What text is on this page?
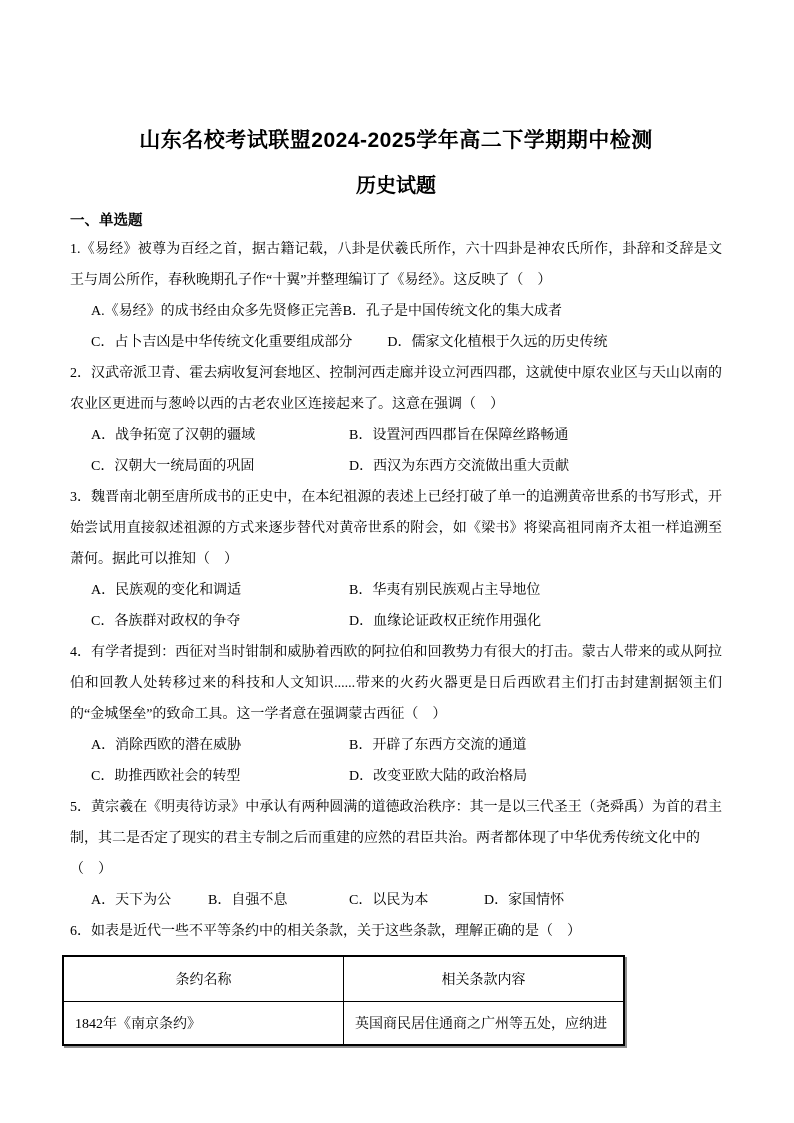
山东名校考试联盟2024-2025学年高二下学期期中检测
历史试题
一、单选题

1.《易经》被尊为百经之首，据古籍记载，八卦是伏羲氏所作，六十四卦是神农氏所作，卦辞和爻辞是文王与周公所作，春秋晚期孔子作“十翼”并整理编订了《易经》。这反映了（　）

A.《易经》的成书经由众多先贤修正完善B．孔子是中国传统文化的集大成者
C．占卜吉凶是中华传统文化重要组成部分	D．儒家文化植根于久远的历史传统

2．汉武帝派卫青、霍去病收复河套地区、控制河西走廊并设立河西四郡，这就使中原农业区与天山以南的农业区更进而与葱岭以西的古老农业区连接起来了。这意在强调（　）

A．战争拓宽了汉朝的疆域	B．设置河西四郡旨在保障丝路畅通
C．汉朝大一统局面的巩固	D．西汉为东西方交流做出重大贡献

3．魏晋南北朝至唐所成书的正史中，在本纪祖源的表述上已经打破了单一的追溯黄帝世系的书写形式，开始尝试用直接叙述祖源的方式来逐步替代对黄帝世系的附会，如《梁书》将梁高祖同南齐太祖一样追溯至萧何。据此可以推知（　）

A．民族观的变化和调适	B．华夷有别民族观占主导地位
C．各族群对政权的争夺	D．血缘论证政权正统作用强化

4．有学者提到：西征对当时钳制和威胁着西欧的阿拉伯和回教势力有很大的打击。蒙古人带来的或从阿拉伯和回教人处转移过来的科技和人文知识......带来的火药火器更是日后西欧君主们打击封建割据领主们的“金城堡垒”的致命工具。这一学者意在强调蒙古西征（　）

A．消除西欧的潜在威胁	B．开辟了东西方交流的通道
C．助推西欧社会的转型	D．改变亚欧大陆的政治格局

5．黄宗羲在《明夷待访录》中承认有两种圆满的道德政治秩序：其一是以三代圣王（尧舜禹）为首的君主制，其二是否定了现实的君主专制之后而重建的应然的君臣共治。两者都体现了中华优秀传统文化中的

（　）
A．天下为公	B．自强不息	C．以民为本	D．家国情怀

6．如表是近代一些不平等条约中的相关条款，关于这些条款，理解正确的是（　）

条约名称	相关条款内容
1842年《南京条约》	英国商民居住通商之广州等五处，应纳进
